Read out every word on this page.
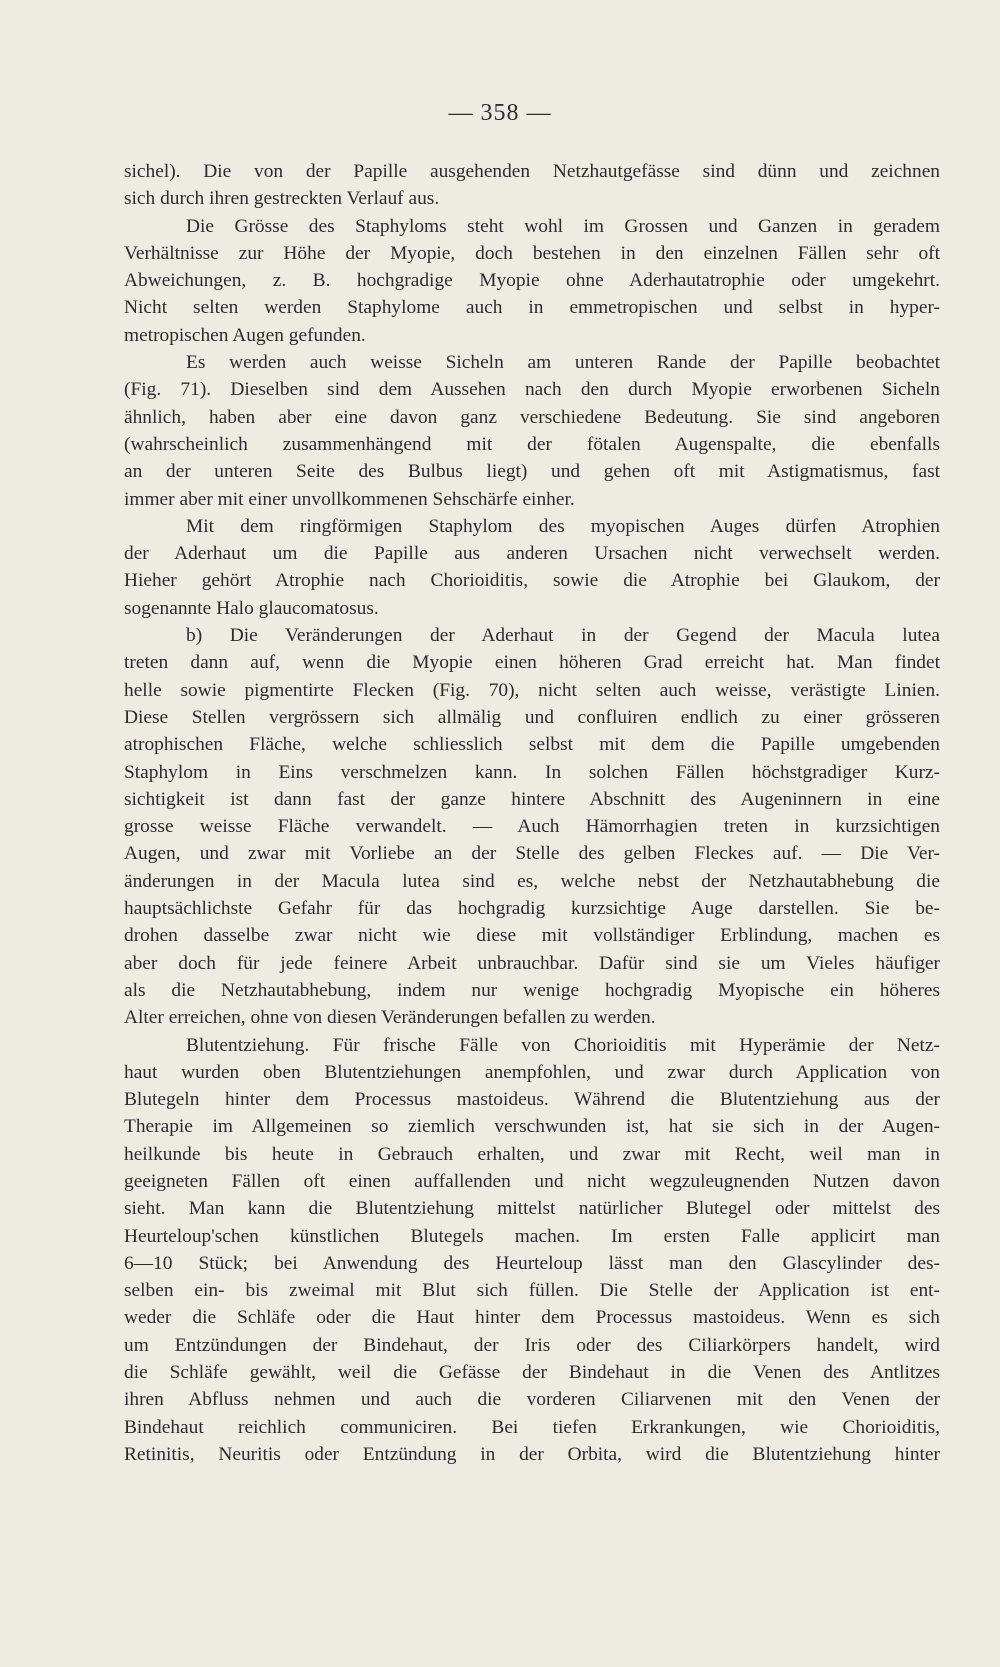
— 358 —
sichel). Die von der Papille ausgehenden Netzhautgefässe sind dünn und zeichnen
sich durch ihren gestreckten Verlauf aus.
Die Grösse des Staphyloms steht wohl im Grossen und Ganzen in geradem
Verhältnisse zur Höhe der Myopie, doch bestehen in den einzelnen Fällen sehr oft
Abweichungen, z. B. hochgradige Myopie ohne Aderhautatrophie oder umgekehrt.
Nicht selten werden Staphylome auch in emmetropischen und selbst in hyper-
metropischen Augen gefunden.
Es werden auch weisse Sicheln am unteren Rande der Papille beobachtet
(Fig. 71). Dieselben sind dem Aussehen nach den durch Myopie erworbenen Sicheln
ähnlich, haben aber eine davon ganz verschiedene Bedeutung. Sie sind angeboren
(wahrscheinlich zusammenhängend mit der fötalen Augenspalte, die ebenfalls
an der unteren Seite des Bulbus liegt) und gehen oft mit Astigmatismus, fast
immer aber mit einer unvollkommenen Sehschärfe einher.
Mit dem ringförmigen Staphylom des myopischen Auges dürfen Atrophien
der Aderhaut um die Papille aus anderen Ursachen nicht verwechselt werden.
Hieher gehört Atrophie nach Chorioiditis, sowie die Atrophie bei Glaukom, der
sogenannte Halo glaucomatosus.
b) Die Veränderungen der Aderhaut in der Gegend der Macula lutea
treten dann auf, wenn die Myopie einen höheren Grad erreicht hat. Man findet
helle sowie pigmentirte Flecken (Fig. 70), nicht selten auch weisse, verästigte Linien.
Diese Stellen vergrössern sich allmälig und confluiren endlich zu einer grösseren
atrophischen Fläche, welche schliesslich selbst mit dem die Papille umgebenden
Staphylom in Eins verschmelzen kann. In solchen Fällen höchstgradiger Kurz-
sichtigkeit ist dann fast der ganze hintere Abschnitt des Augeninnern in eine
grosse weisse Fläche verwandelt. — Auch Hämorrhagien treten in kurzsichtigen
Augen, und zwar mit Vorliebe an der Stelle des gelben Fleckes auf. — Die Ver-
änderungen in der Macula lutea sind es, welche nebst der Netzhautabhebung die
hauptsächlichste Gefahr für das hochgradig kurzsichtige Auge darstellen. Sie be-
drohen dasselbe zwar nicht wie diese mit vollständiger Erblindung, machen es
aber doch für jede feinere Arbeit unbrauchbar. Dafür sind sie um Vieles häufiger
als die Netzhautabhebung, indem nur wenige hochgradig Myopische ein höheres
Alter erreichen, ohne von diesen Veränderungen befallen zu werden.
Blutentziehung. Für frische Fälle von Chorioiditis mit Hyperämie der Netz-
haut wurden oben Blutentziehungen anempfohlen, und zwar durch Application von
Blutegeln hinter dem Processus mastoideus. Während die Blutentziehung aus der
Therapie im Allgemeinen so ziemlich verschwunden ist, hat sie sich in der Augen-
heilkunde bis heute in Gebrauch erhalten, und zwar mit Recht, weil man in
geeigneten Fällen oft einen auffallenden und nicht wegzuleugnenden Nutzen davon
sieht. Man kann die Blutentziehung mittelst natürlicher Blutegel oder mittelst des
Heurteloup'schen künstlichen Blutegels machen. Im ersten Falle applicirt man
6—10 Stück; bei Anwendung des Heurteloup lässt man den Glascylinder des-
selben ein- bis zweimal mit Blut sich füllen. Die Stelle der Application ist ent-
weder die Schläfe oder die Haut hinter dem Processus mastoideus. Wenn es sich
um Entzündungen der Bindehaut, der Iris oder des Ciliarkörpers handelt, wird
die Schläfe gewählt, weil die Gefässe der Bindehaut in die Venen des Antlitzes
ihren Abfluss nehmen und auch die vorderen Ciliarvenen mit den Venen der
Bindehaut reichlich communiciren. Bei tiefen Erkrankungen, wie Chorioiditis,
Retinitis, Neuritis oder Entzündung in der Orbita, wird die Blutentziehung hinter
